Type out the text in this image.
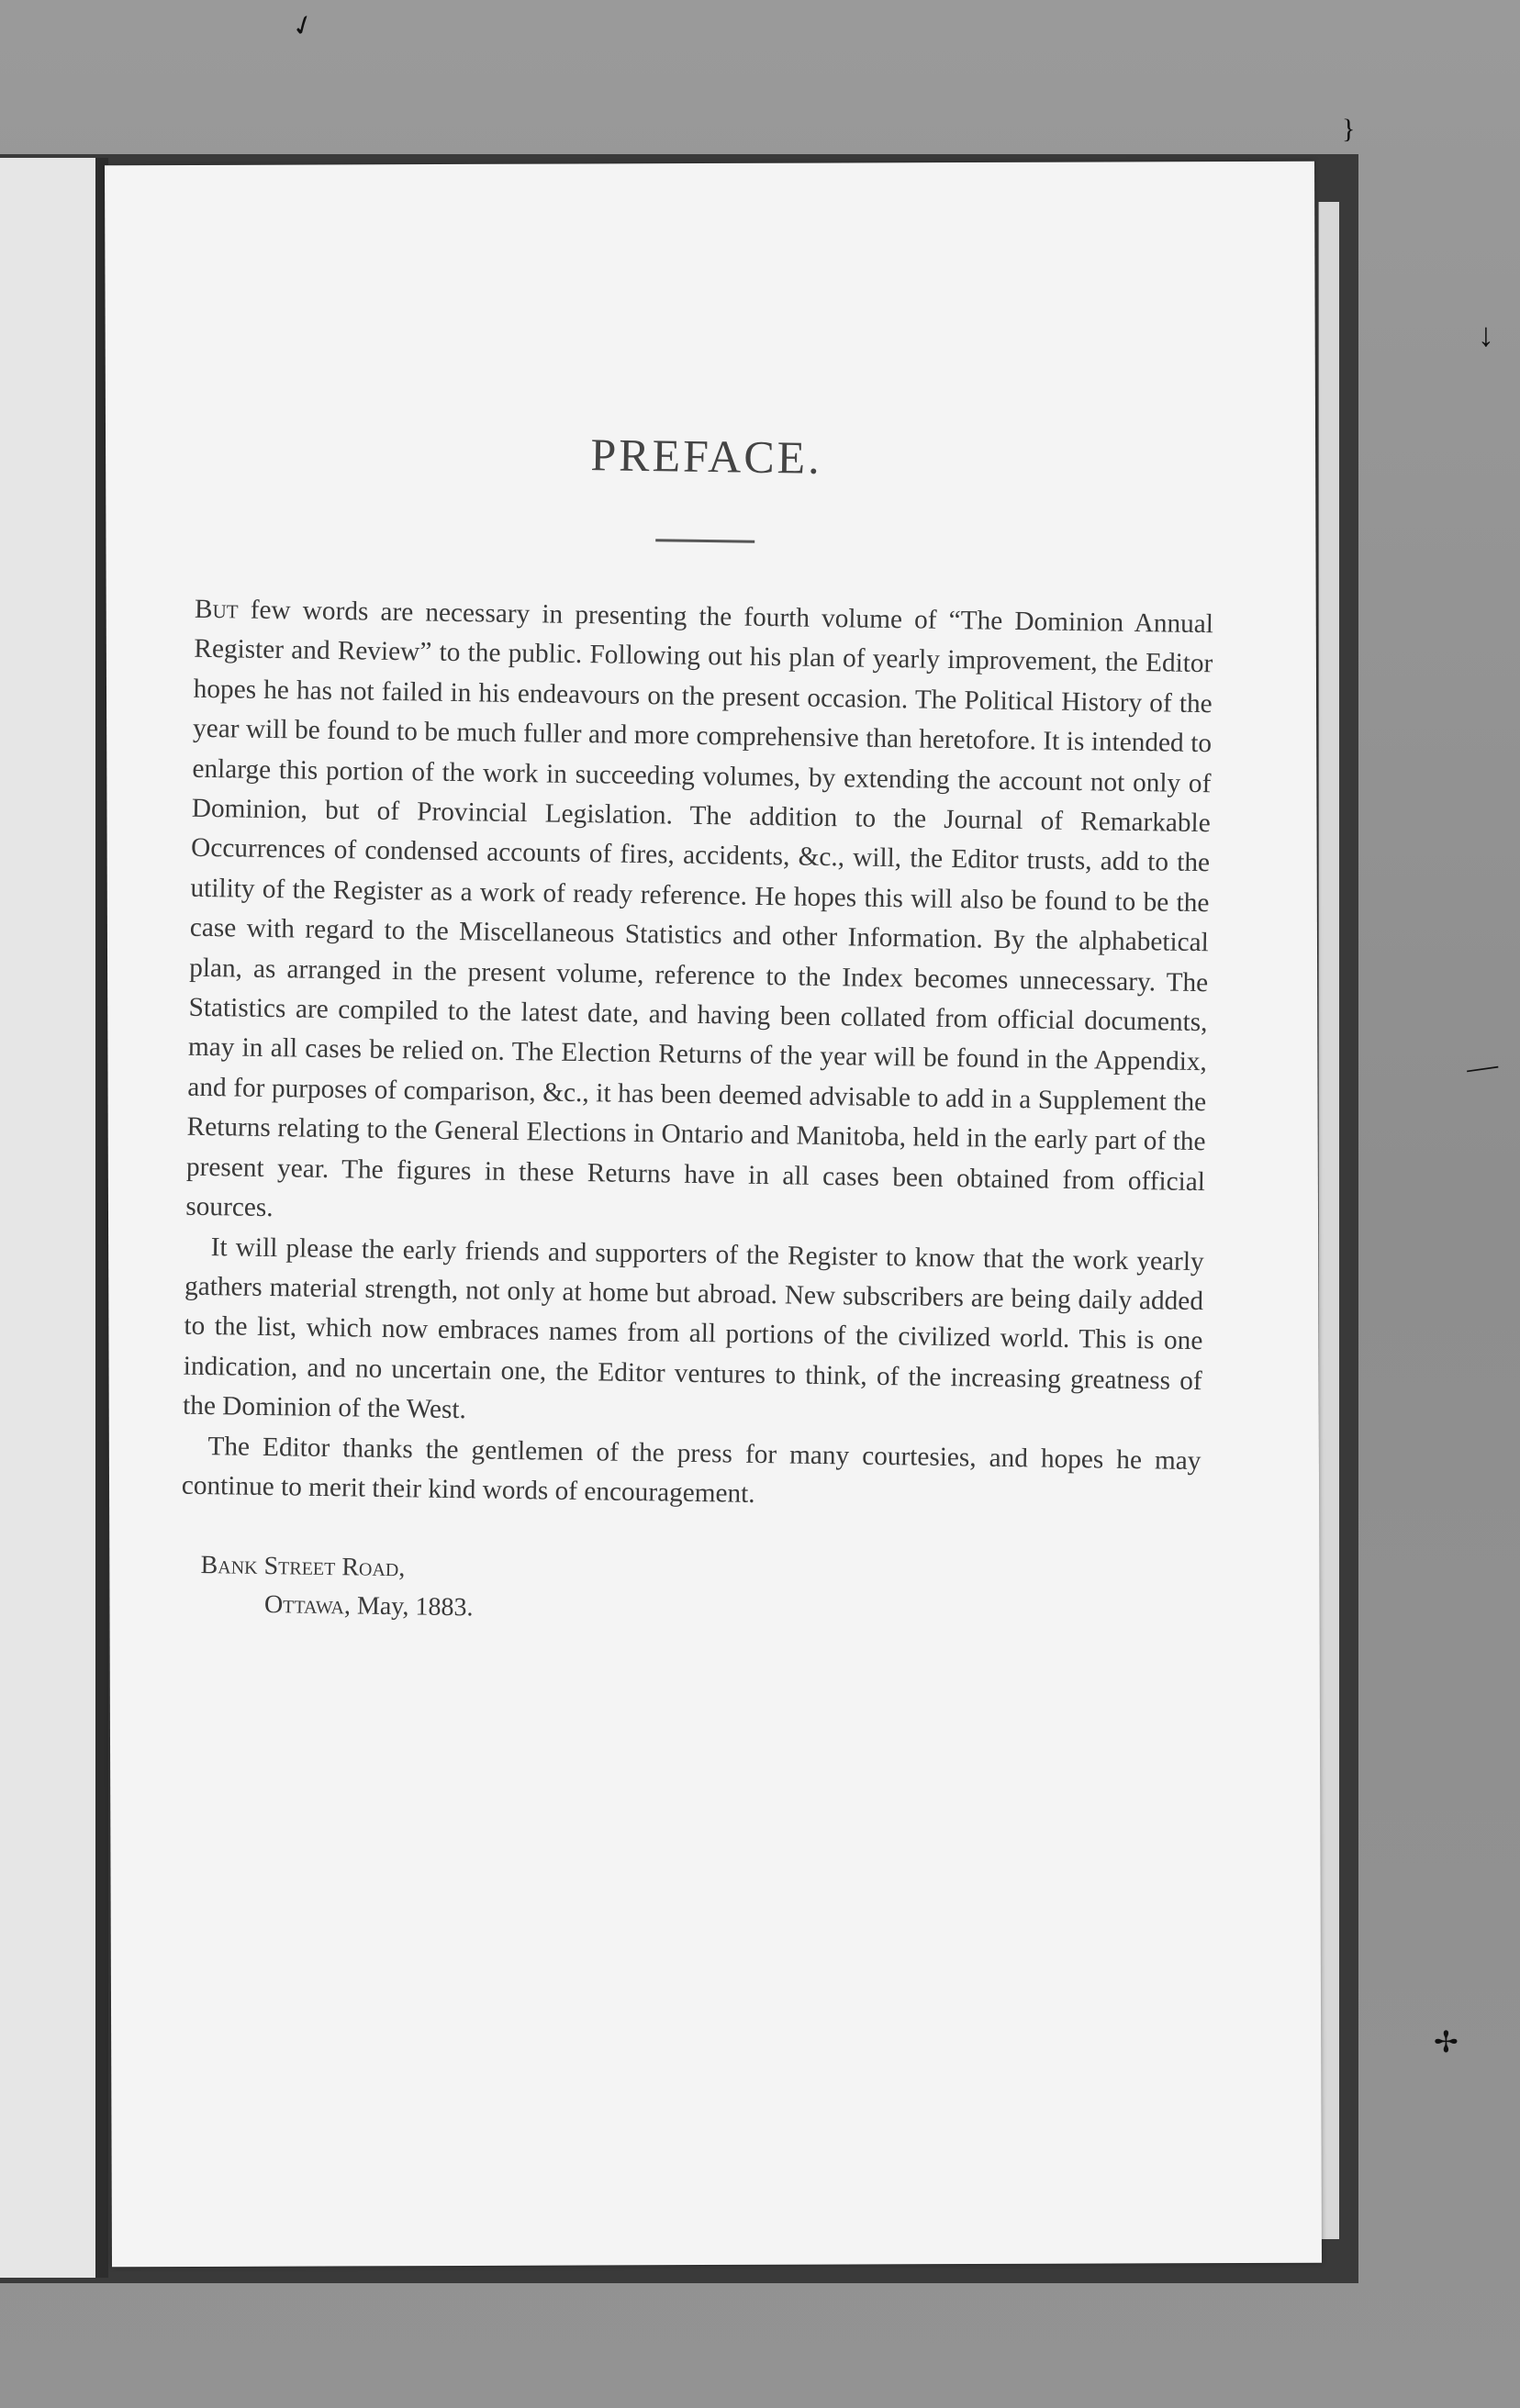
✓
↓
—
✢
}
PREFACE.

But few words are necessary in presenting the fourth volume of “The Dominion Annual Register and Review” to the public. Following out his plan of yearly improvement, the Editor hopes he has not failed in his endeavours on the present occasion. The Political History of the year will be found to be much fuller and more comprehensive than heretofore. It is intended to enlarge this portion of the work in succeeding volumes, by extending the account not only of Dominion, but of Provincial Legislation. The addition to the Journal of Remarkable Occurrences of condensed accounts of fires, accidents, &c., will, the Editor trusts, add to the utility of the Register as a work of ready reference. He hopes this will also be found to be the case with regard to the Miscellaneous Statistics and other Information. By the alphabetical plan, as arranged in the present volume, reference to the Index becomes unnecessary. The Statistics are compiled to the latest date, and having been collated from official documents, may in all cases be relied on. The Election Returns of the year will be found in the Appendix, and for purposes of comparison, &c., it has been deemed advisable to add in a Supplement the Returns relating to the General Elections in Ontario and Manitoba, held in the early part of the present year. The figures in these Returns have in all cases been obtained from official sources.

It will please the early friends and supporters of the Register to know that the work yearly gathers material strength, not only at home but abroad. New subscribers are being daily added to the list, which now embraces names from all portions of the civilized world. This is one indication, and no uncertain one, the Editor ventures to think, of the increasing greatness of the Dominion of the West.

The Editor thanks the gentlemen of the press for many courtesies, and hopes he may continue to merit their kind words of encouragement.

Bank Street Road,
Ottawa, May, 1883.
